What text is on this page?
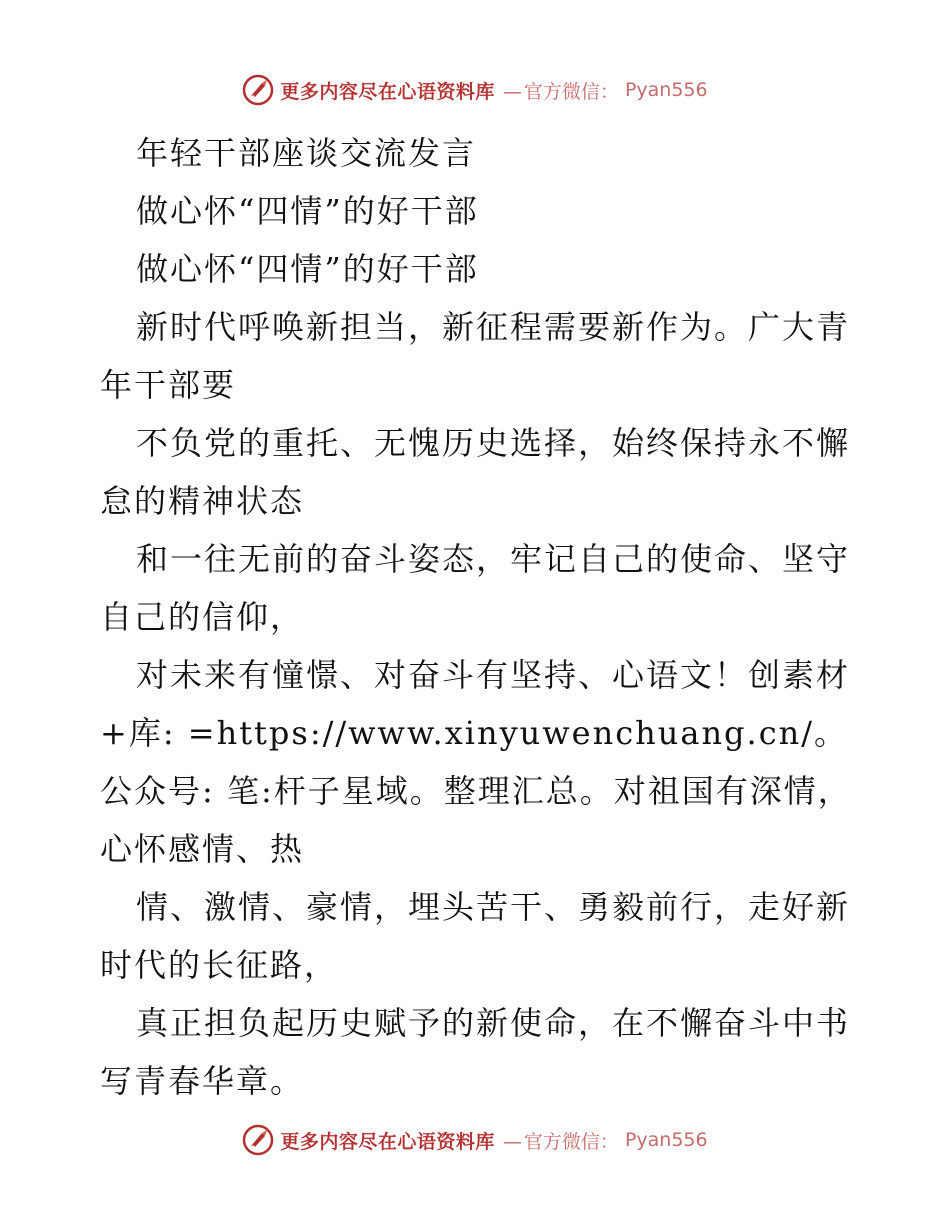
更多内容尽在心语资料库 — 官方微信： Pyan556

年轻干部座谈交流发言

做心怀“四情”的好干部

做心怀“四情”的好干部

新时代呼唤新担当，新征程需要新作为。广大青年干部要

不负党的重托、无愧历史选择，始终保持永不懈怠的精神状态

和一往无前的奋斗姿态，牢记自己的使命、坚守自己的信仰，

对未来有憧憬、对奋斗有坚持、心语文！创素材+库: =https://www.xinyuwenchuang.cn/。公众号: 笔:杆子星域。整理汇总。对祖国有深情，心怀感情、热

情、激情、豪情，埋头苦干、勇毅前行，走好新时代的长征路，

真正担负起历史赋予的新使命，在不懈奋斗中书写青春华章。

更多内容尽在心语资料库 — 官方微信： Pyan556
